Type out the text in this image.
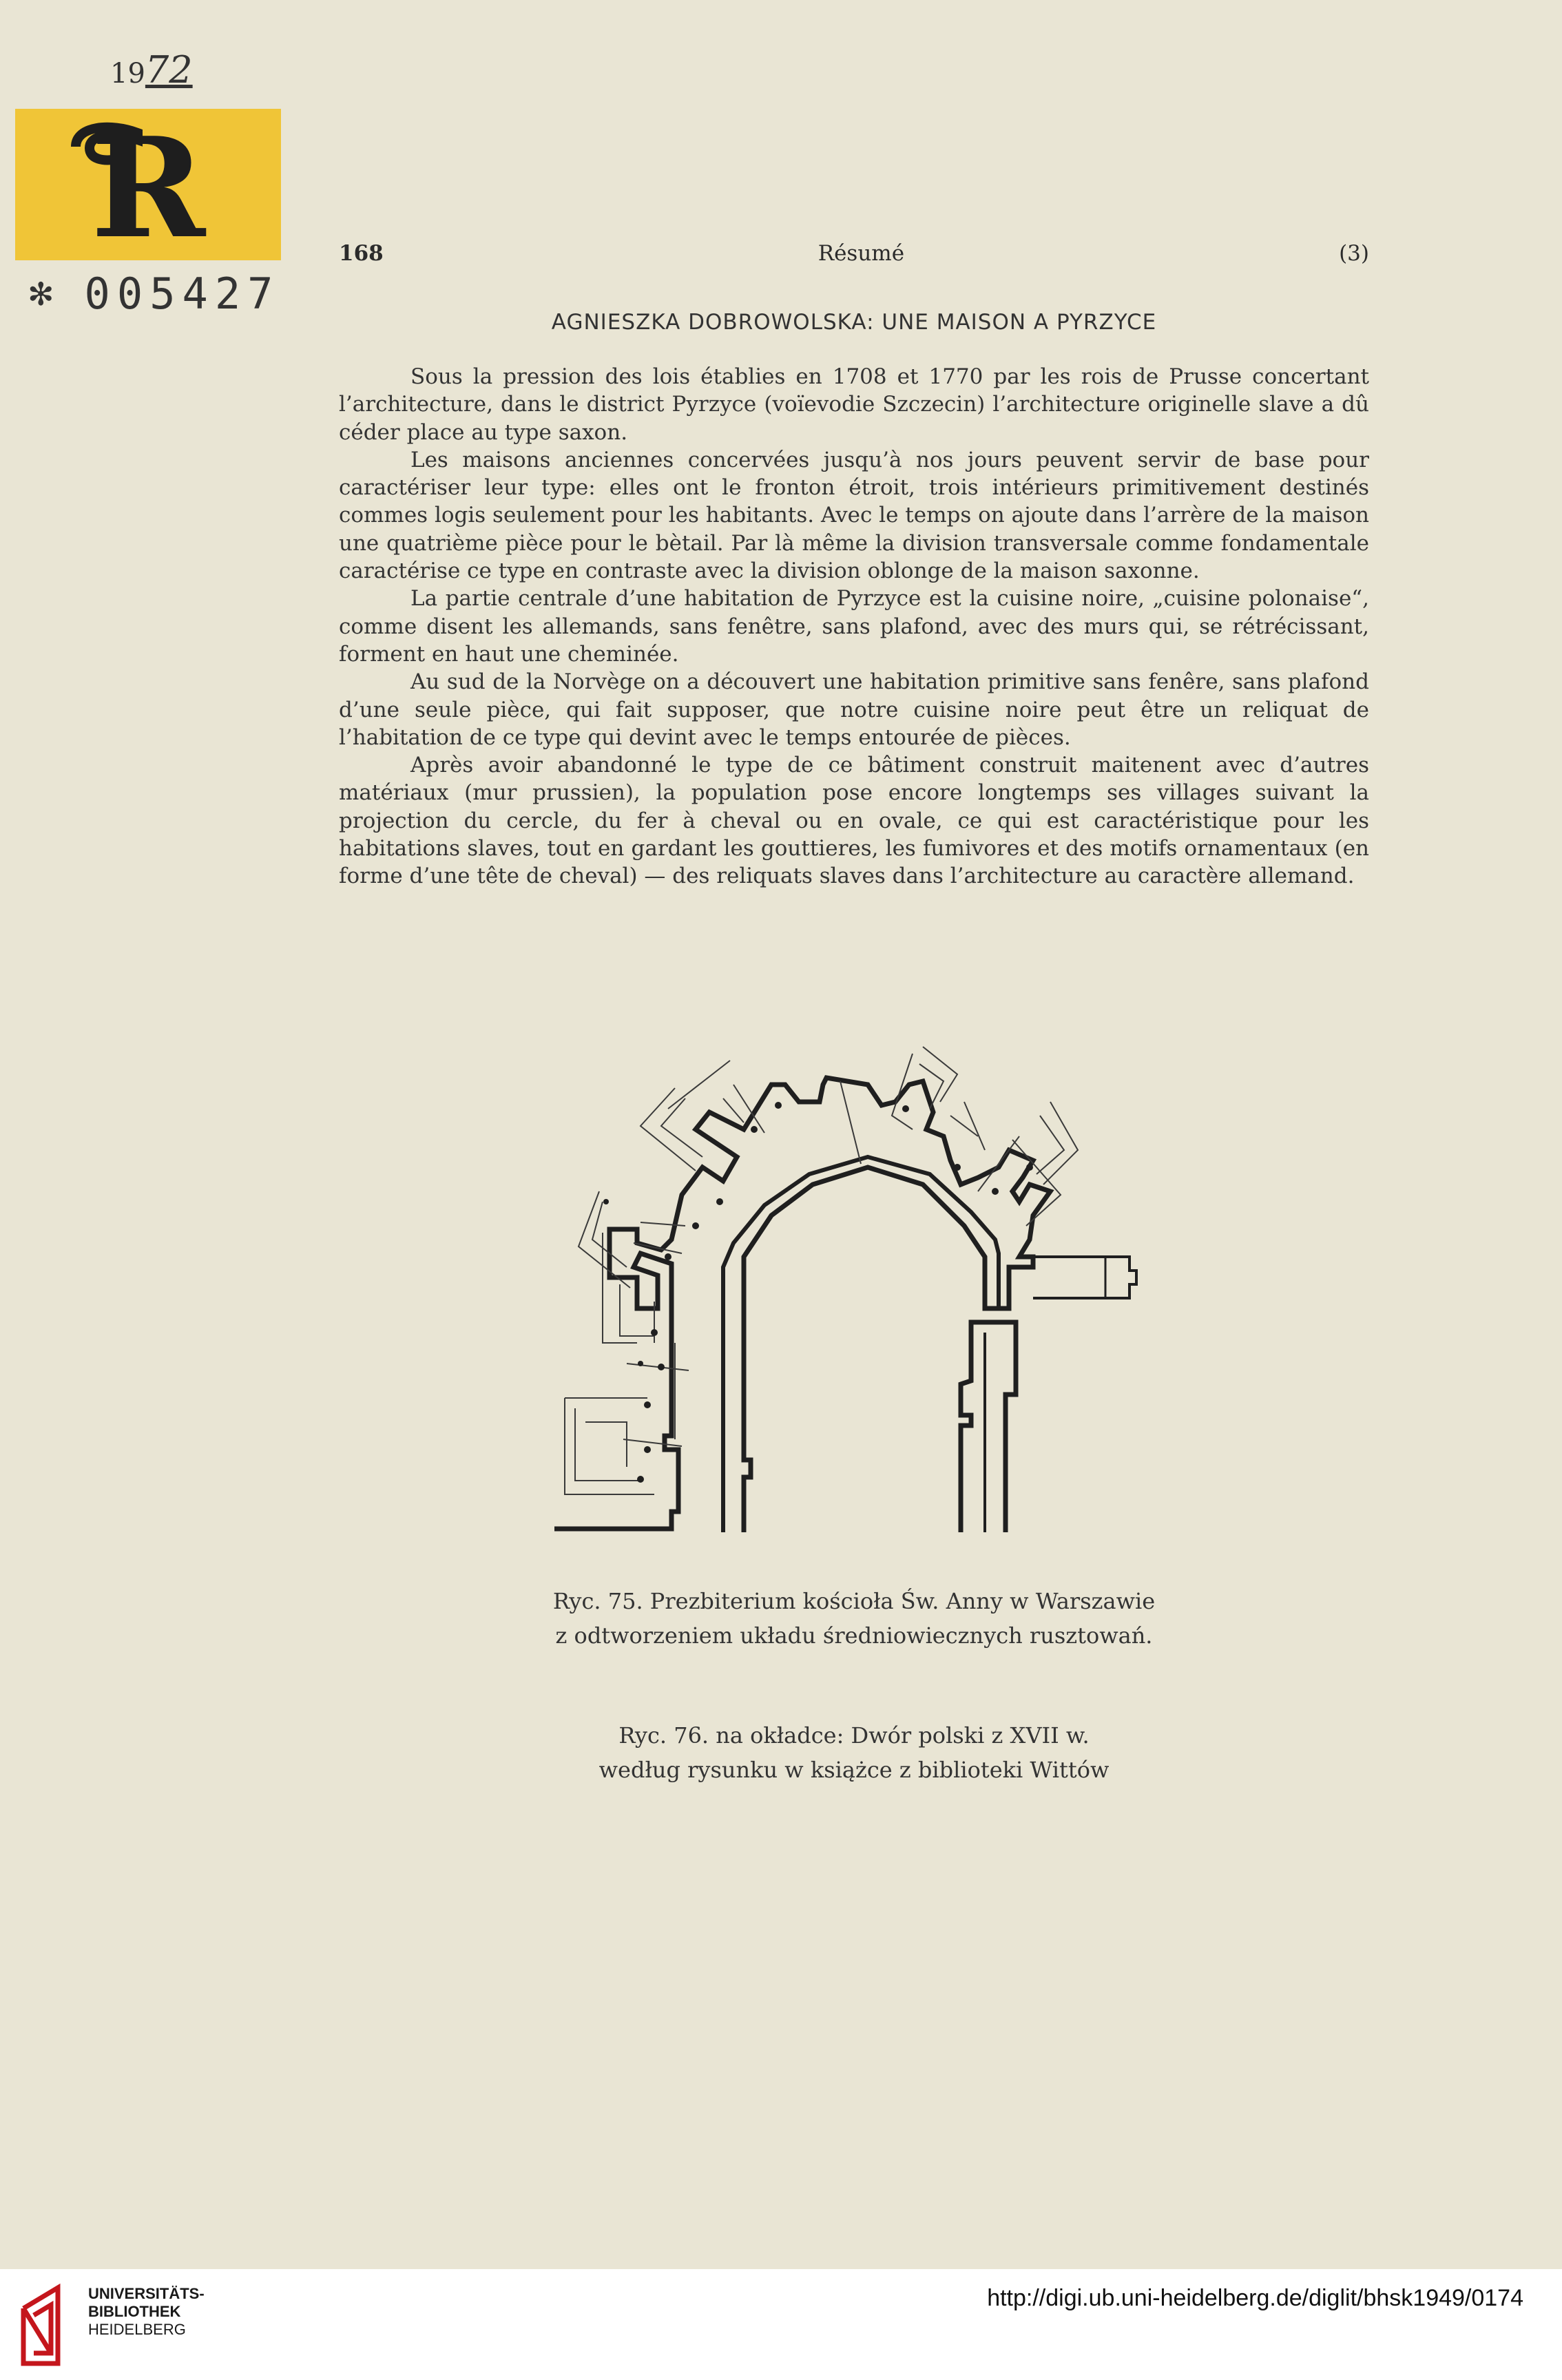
1972
R
✻ 005427
168	Résumé	(3)
AGNIESZKA DOBROWOLSKA: UNE MAISON A PYRZYCE

Sous la pression des lois établies en 1708 et 1770 par les rois de Prusse concertant l’architecture, dans le district Pyrzyce (voïevodie Szczecin) l’architecture originelle slave a dû céder place au type saxon.

Les maisons anciennes concervées jusqu’à nos jours peuvent servir de base pour caractériser leur type: elles ont le fronton étroit, trois intérieurs primitivement destinés commes logis seulement pour les habitants. Avec le temps on ajoute dans l’arrère de la maison une quatrième pièce pour le bètail. Par là même la division transversale comme fondamentale caractérise ce type en contraste avec la division oblonge de la maison saxonne.

La partie centrale d’une habitation de Pyrzyce est la cuisine noire, „cuisine polonaise“, comme disent les allemands, sans fenêtre, sans plafond, avec des murs qui, se rétrécissant, forment en haut une cheminée.

Au sud de la Norvège on a découvert une habitation primitive sans fenêre, sans plafond d’une seule pièce, qui fait supposer, que notre cuisine noire peut être un reliquat de l’habitation de ce type qui devint avec le temps entourée de pièces.

Après avoir abandonné le type de ce bâtiment construit maitenent avec d’autres matériaux (mur prussien), la population pose encore longtemps ses villages suivant la projection du cercle, du fer à cheval ou en ovale, ce qui est caractéristique pour les habitations slaves, tout en gardant les gouttieres, les fumivores et des motifs ornamentaux (en forme d’une tête de cheval) — des reliquats slaves dans l’architecture au caractère allemand.

Ryc. 75. Prezbiterium kościoła Św. Anny w Warszawie
z odtworzeniem układu średniowiecznych rusztowań.
Ryc. 76. na okładce: Dwór polski z XVII w.
według rysunku w książce z biblioteki Wittów
UNIVERSITÄTS-
BIBLIOTHEK
HEIDELBERG
http://digi.ub.uni-heidelberg.de/diglit/bhsk1949/0174
